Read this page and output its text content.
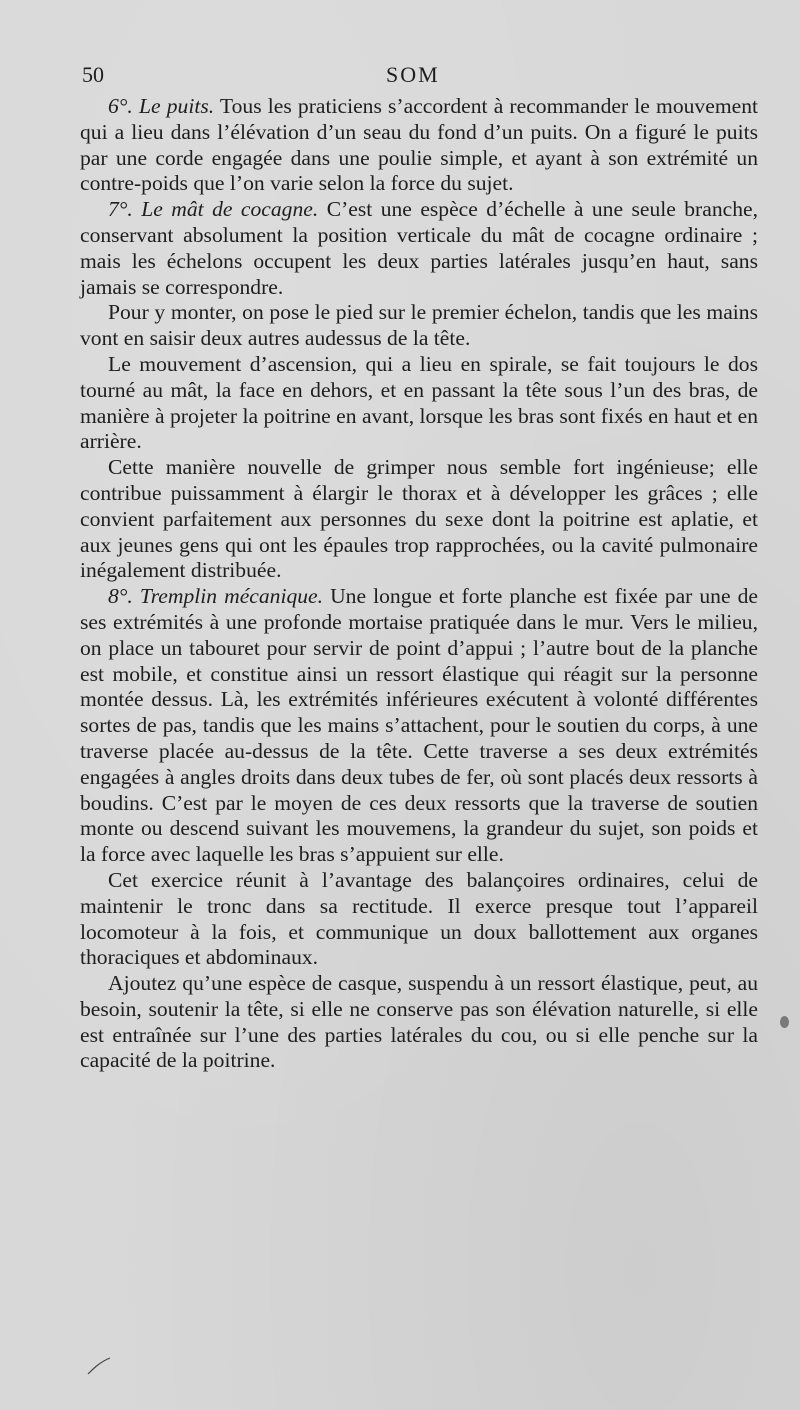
50	SOM

6°. Le puits. Tous les praticiens s’accordent à recommander le mouvement qui a lieu dans l’élévation d’un seau du fond d’un puits. On a figuré le puits par une corde engagée dans une poulie simple, et ayant à son extrémité un contre-poids que l’on varie selon la force du sujet.

7°. Le mât de cocagne. C’est une espèce d’échelle à une seule branche, conservant absolument la position verticale du mât de cocagne ordinaire ; mais les échelons occupent les deux parties latérales jusqu’en haut, sans jamais se correspondre.

Pour y monter, on pose le pied sur le premier échelon, tandis que les mains vont en saisir deux autres audessus de la tête.

Le mouvement d’ascension, qui a lieu en spirale, se fait toujours le dos tourné au mât, la face en dehors, et en passant la tête sous l’un des bras, de manière à projeter la poitrine en avant, lorsque les bras sont fixés en haut et en arrière.

Cette manière nouvelle de grimper nous semble fort ingénieuse; elle contribue puissamment à élargir le thorax et à développer les grâces ; elle convient parfaitement aux personnes du sexe dont la poitrine est aplatie, et aux jeunes gens qui ont les épaules trop rapprochées, ou la cavité pulmonaire inégalement distribuée.

8°. Tremplin mécanique. Une longue et forte planche est fixée par une de ses extrémités à une profonde mortaise pratiquée dans le mur. Vers le milieu, on place un tabouret pour servir de point d’appui ; l’autre bout de la planche est mobile, et constitue ainsi un ressort élastique qui réagit sur la personne montée dessus. Là, les extrémités inférieures exécutent à volonté différentes sortes de pas, tandis que les mains s’attachent, pour le soutien du corps, à une traverse placée au-dessus de la tête. Cette traverse a ses deux extrémités engagées à angles droits dans deux tubes de fer, où sont placés deux ressorts à boudins. C’est par le moyen de ces deux ressorts que la traverse de soutien monte ou descend suivant les mouvemens, la grandeur du sujet, son poids et la force avec laquelle les bras s’appuient sur elle.

Cet exercice réunit à l’avantage des balançoires ordinaires, celui de maintenir le tronc dans sa rectitude. Il exerce presque tout l’appareil locomoteur à la fois, et communique un doux ballottement aux organes thoraciques et abdominaux.

Ajoutez qu’une espèce de casque, suspendu à un ressort élastique, peut, au besoin, soutenir la tête, si elle ne conserve pas son élévation naturelle, si elle est entraînée sur l’une des parties latérales du cou, ou si elle penche sur la capacité de la poitrine.
